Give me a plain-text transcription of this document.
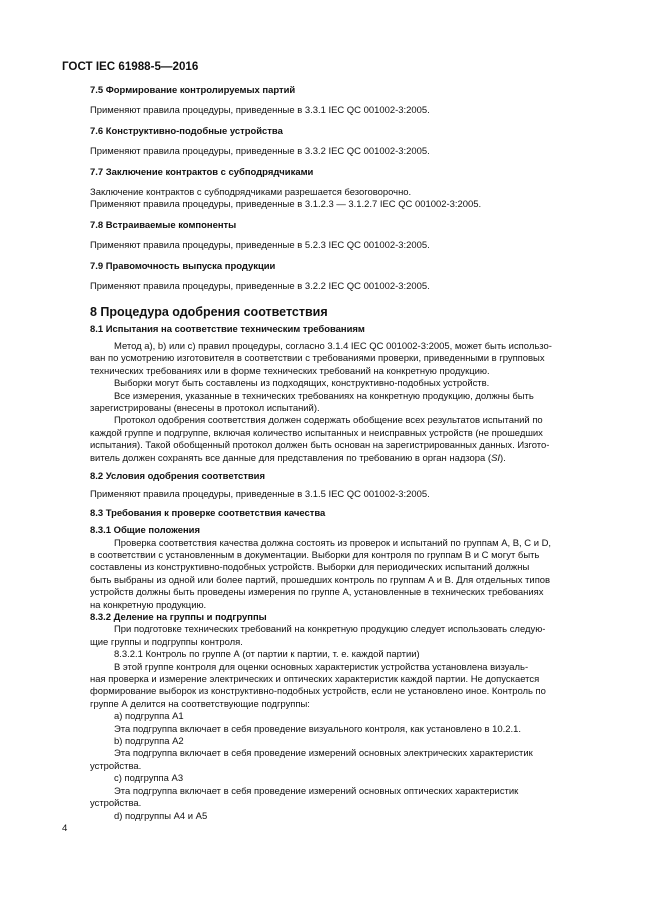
ГОСТ IEC 61988-5—2016

7.5 Формирование контролируемых партий

Применяют правила процедуры, приведенные в 3.3.1 IEC QC 001002-3:2005.

7.6 Конструктивно-подобные устройства

Применяют правила процедуры, приведенные в 3.3.2 IEC QC 001002-3:2005.

7.7 Заключение контрактов с субподрядчиками

Заключение контрактов с субподрядчиками разрешается безоговорочно.

Применяют правила процедуры, приведенные в 3.1.2.3 — 3.1.2.7 IEC QC 001002-3:2005.

7.8 Встраиваемые компоненты

Применяют правила процедуры, приведенные в 5.2.3 IEC QC 001002-3:2005.

7.9 Правомочность выпуска продукции

Применяют правила процедуры, приведенные в 3.2.2 IEC QC 001002-3:2005.

8 Процедура одобрения соответствия

8.1 Испытания на соответствие техническим требованиям

Метод а), b) или с) правил процедуры, согласно 3.1.4 IEC QC 001002-3:2005, может быть использо-

ван по усмотрению изготовителя в соответствии с требованиями проверки, приведенными в групповых

технических требованиях или в форме технических требований на конкретную продукцию.

Выборки могут быть составлены из подходящих, конструктивно-подобных устройств.

Все измерения, указанные в технических требованиях на конкретную продукцию, должны быть

зарегистрированы (внесены в протокол испытаний).

Протокол одобрения соответствия должен содержать обобщение всех результатов испытаний по

каждой группе и подгруппе, включая количество испытанных и неисправных устройств (не прошедших

испытания). Такой обобщенный протокол должен быть основан на зарегистрированных данных. Изгото-

витель должен сохранять все данные для представления по требованию в орган надзора (SI).

8.2 Условия одобрения соответствия

Применяют правила процедуры, приведенные в 3.1.5 IEC QC 001002-3:2005.

8.3 Требования к проверке соответствия качества

8.3.1 Общие положения

Проверка соответствия качества должна состоять из проверок и испытаний по группам А, В, С и D,

в соответствии с установленным в документации. Выборки для контроля по группам В и С могут быть

составлены из конструктивно-подобных устройств. Выборки для периодических испытаний должны

быть выбраны из одной или более партий, прошедших контроль по группам А и В. Для отдельных типов

устройств должны быть проведены измерения по группе А, установленные в технических требованиях

на конкретную продукцию.

8.3.2 Деление на группы и подгруппы

При подготовке технических требований на конкретную продукцию следует использовать следую-

щие группы и подгруппы контроля.

8.3.2.1 Контроль по группе А (от партии к партии, т. е. каждой партии)

В этой группе контроля для оценки основных характеристик устройства установлена визуаль-

ная проверка и измерение электрических и оптических характеристик каждой партии. Не допускается

формирование выборок из конструктивно-подобных устройств, если не установлено иное. Контроль по

группе А делится на соответствующие подгруппы:

a) подгруппа А1

Эта подгруппа включает в себя проведение визуального контроля, как установлено в 10.2.1.

b) подгруппа А2

Эта подгруппа включает в себя проведение измерений основных электрических характеристик

устройства.

c) подгруппа А3

Эта подгруппа включает в себя проведение измерений основных оптических характеристик

устройства.

d) подгруппы А4 и А5

4
